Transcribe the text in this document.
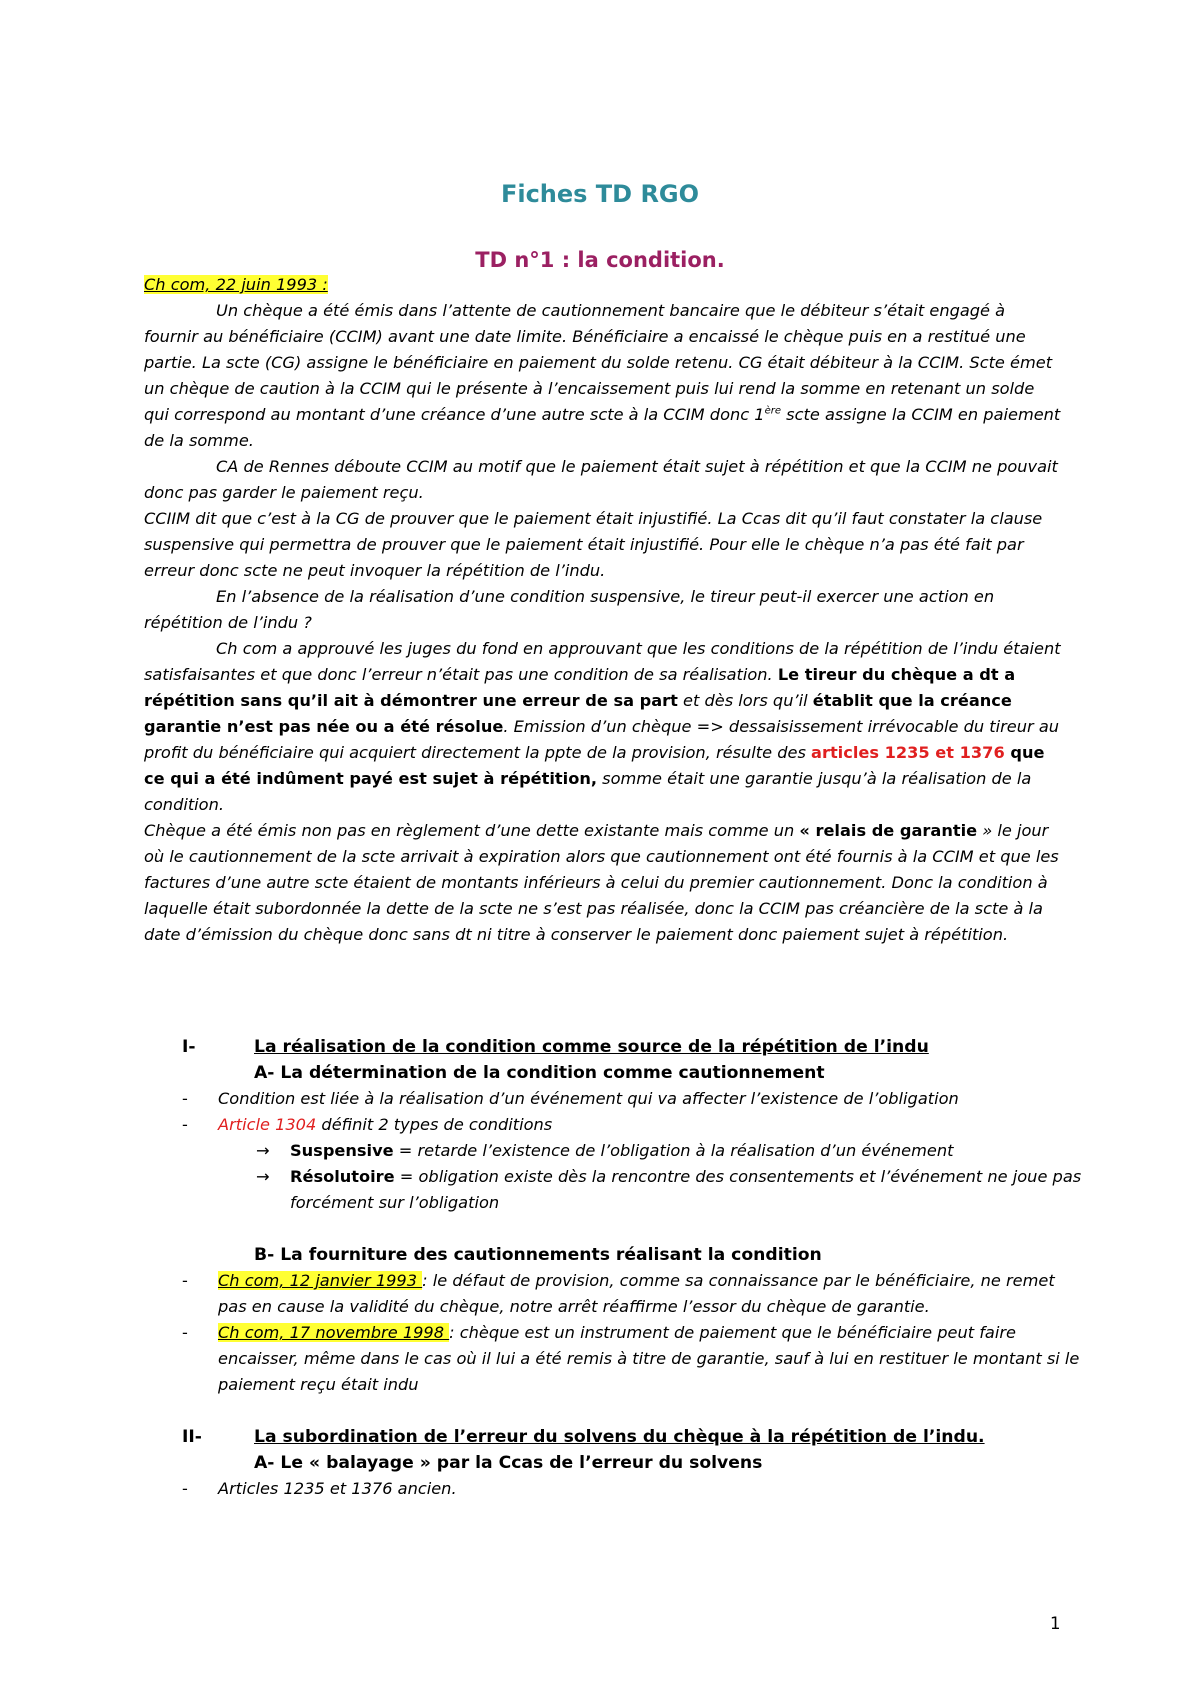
Fiches TD RGO
TD n°1 : la condition.

Ch com, 22 juin 1993 :

Un chèque a été émis dans l’attente de cautionnement bancaire que le débiteur s’était engagé à fournir au bénéficiaire (CCIM) avant une date limite. Bénéficiaire a encaissé le chèque puis en a restitué une partie. La scte (CG) assigne le bénéficiaire en paiement du solde retenu. CG était débiteur à la CCIM. Scte émet un chèque de caution à la CCIM qui le présente à l’encaissement puis lui rend la somme en retenant un solde qui correspond au montant d’une créance d’une autre scte à la CCIM donc 1ère scte assigne la CCIM en paiement de la somme.

CA de Rennes déboute CCIM au motif que le paiement était sujet à répétition et que la CCIM ne pouvait donc pas garder le paiement reçu.

CCIIM dit que c’est à la CG de prouver que le paiement était injustifié. La Ccas dit qu’il faut constater la clause suspensive qui permettra de prouver que le paiement était injustifié. Pour elle le chèque n’a pas été fait par erreur donc scte ne peut invoquer la répétition de l’indu.

En l’absence de la réalisation d’une condition suspensive, le tireur peut-il exercer une action en répétition de l’indu ?

Ch com a approuvé les juges du fond en approuvant que les conditions de la répétition de l’indu étaient satisfaisantes et que donc l’erreur n’était pas une condition de sa réalisation. Le tireur du chèque a dt a répétition sans qu’il ait à démontrer une erreur de sa part et dès lors qu’il établit que la créance garantie n’est pas née ou a été résolue. Emission d’un chèque => dessaisissement irrévocable du tireur au profit du bénéficiaire qui acquiert directement la ppte de la provision, résulte des articles 1235 et 1376 que ce qui a été indûment payé est sujet à répétition, somme était une garantie jusqu’à la réalisation de la condition.

Chèque a été émis non pas en règlement d’une dette existante mais comme un « relais de garantie » le jour où le cautionnement de la scte arrivait à expiration alors que cautionnement ont été fournis à la CCIM et que les factures d’une autre scte étaient de montants inférieurs à celui du premier cautionnement. Donc la condition à laquelle était subordonnée la dette de la scte ne s’est pas réalisée, donc la CCIM pas créancière de la scte à la date d’émission du chèque donc sans dt ni titre à conserver le paiement donc paiement sujet à répétition.

I-	La réalisation de la condition comme source de la répétition de l’indu
A- La détermination de la condition comme cautionnement
- Condition est liée à la réalisation d’un événement qui va affecter l’existence de l’obligation
- Article 1304 définit 2 types de conditions
→ Suspensive = retarde l’existence de l’obligation à la réalisation d’un événement
→ Résolutoire = obligation existe dès la rencontre des consentements et l’événement ne joue pas forcément sur l’obligation
B- La fourniture des cautionnements réalisant la condition
- Ch com, 12 janvier 1993 : le défaut de provision, comme sa connaissance par le bénéficiaire, ne remet pas en cause la validité du chèque, notre arrêt réaffirme l’essor du chèque de garantie.
- Ch com, 17 novembre 1998 : chèque est un instrument de paiement que le bénéficiaire peut faire encaisser, même dans le cas où il lui a été remis à titre de garantie, sauf à lui en restituer le montant si le paiement reçu était indu
II-	La subordination de l’erreur du solvens du chèque à la répétition de l’indu.
A- Le « balayage » par la Ccas de l’erreur du solvens
- Articles 1235 et 1376 ancien.
1
